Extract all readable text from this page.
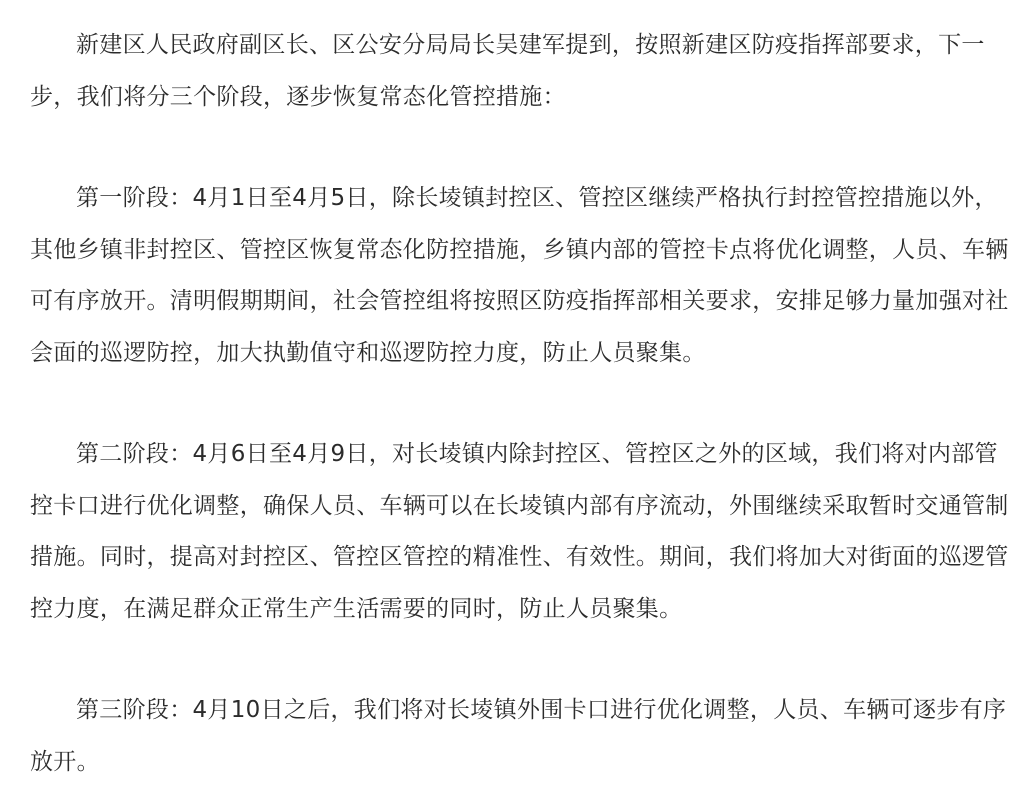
新建区人民政府副区长、区公安分局局长吴建军提到，按照新建区防疫指挥部要求，下一步，我们将分三个阶段，逐步恢复常态化管控措施：

第一阶段：4月1日至4月5日，除长堎镇封控区、管控区继续严格执行封控管控措施以外，其他乡镇非封控区、管控区恢复常态化防控措施，乡镇内部的管控卡点将优化调整，人员、车辆可有序放开。清明假期期间，社会管控组将按照区防疫指挥部相关要求，安排足够力量加强对社会面的巡逻防控，加大执勤值守和巡逻防控力度，防止人员聚集。

第二阶段：4月6日至4月9日，对长堎镇内除封控区、管控区之外的区域，我们将对内部管控卡口进行优化调整，确保人员、车辆可以在长堎镇内部有序流动，外围继续采取暂时交通管制措施。同时，提高对封控区、管控区管控的精准性、有效性。期间，我们将加大对街面的巡逻管控力度，在满足群众正常生产生活需要的同时，防止人员聚集。

第三阶段：4月10日之后，我们将对长堎镇外围卡口进行优化调整，人员、车辆可逐步有序放开。
